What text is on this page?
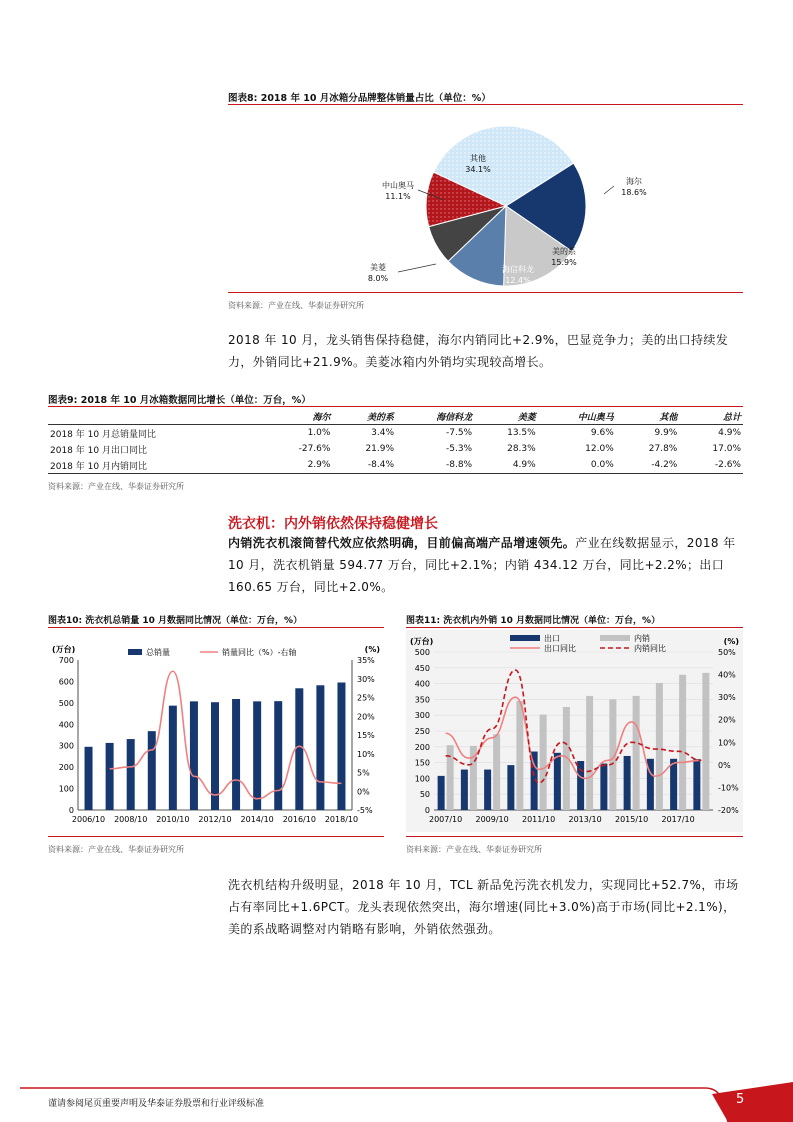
图表8: 2018 年 10 月冰箱分品牌整体销量占比（单位：%）
其他
34.1%
海尔
18.6%
美的系
15.9%
海信科龙
12.4%
美菱
8.0%
中山奥马
11.1%
资料来源：产业在线、华泰证券研究所
2018 年 10 月，龙头销售保持稳健，海尔内销同比+2.9%，巴显竞争力；美的出口持续发力，外销同比+21.9%。美菱冰箱内外销均实现较高增长。
图表9: 2018 年 10 月冰箱数据同比增长（单位：万台，%）
	海尔	美的系	海信科龙	美菱	中山奥马	其他	总计
2018 年 10 月总销量同比	1.0%	3.4%	-7.5%	13.5%	9.6%	9.9%	4.9%
2018 年 10 月出口同比	-27.6%	21.9%	-5.3%	28.3%	12.0%	27.8%	17.0%
2018 年 10 月内销同比	2.9%	-8.4%	-8.8%	4.9%	0.0%	-4.2%	-2.6%
资料来源：产业在线、华泰证券研究所
洗衣机：内外销依然保持稳健增长
内销洗衣机滚筒替代效应依然明确，目前偏高端产品增速领先。产业在线数据显示，2018 年 10 月，洗衣机销量 594.77 万台，同比+2.1%；内销 434.12 万台，同比+2.2%；出口 160.65 万台，同比+2.0%。
图表10: 洗衣机总销量 10 月数据同比情况（单位：万台，%）
(万台)	(%)
0
100
200
300
400
500
600
700
-5%
0%
5%
10%
15%
20%
25%
30%
35%
2006/10 2008/10 2010/10 2012/10 2014/10 2016/10 2018/10
总销量	销量同比（%）-右轴
资料来源：产业在线、华泰证券研究所
图表11: 洗衣机内外销 10 月数据同比情况（单位：万台，%）
(万台)	(%)
0
50
100
150
200
250
300
350
400
450
500
-20%
-10%
0%
10%
20%
30%
40%
50%
2007/10 2009/10 2011/10 2013/10 2015/10 2017/10
出口	内销
出口同比	内销同比
资料来源：产业在线、华泰证券研究所
洗衣机结构升级明显，2018 年 10 月，TCL 新品免污洗衣机发力，实现同比+52.7%，市场占有率同比+1.6PCT。龙头表现依然突出，海尔增速(同比+3.0%)高于市场(同比+2.1%)，美的系战略调整对内销略有影响，外销依然强劲。
谨请参阅尾页重要声明及华泰证券股票和行业评级标准	5
